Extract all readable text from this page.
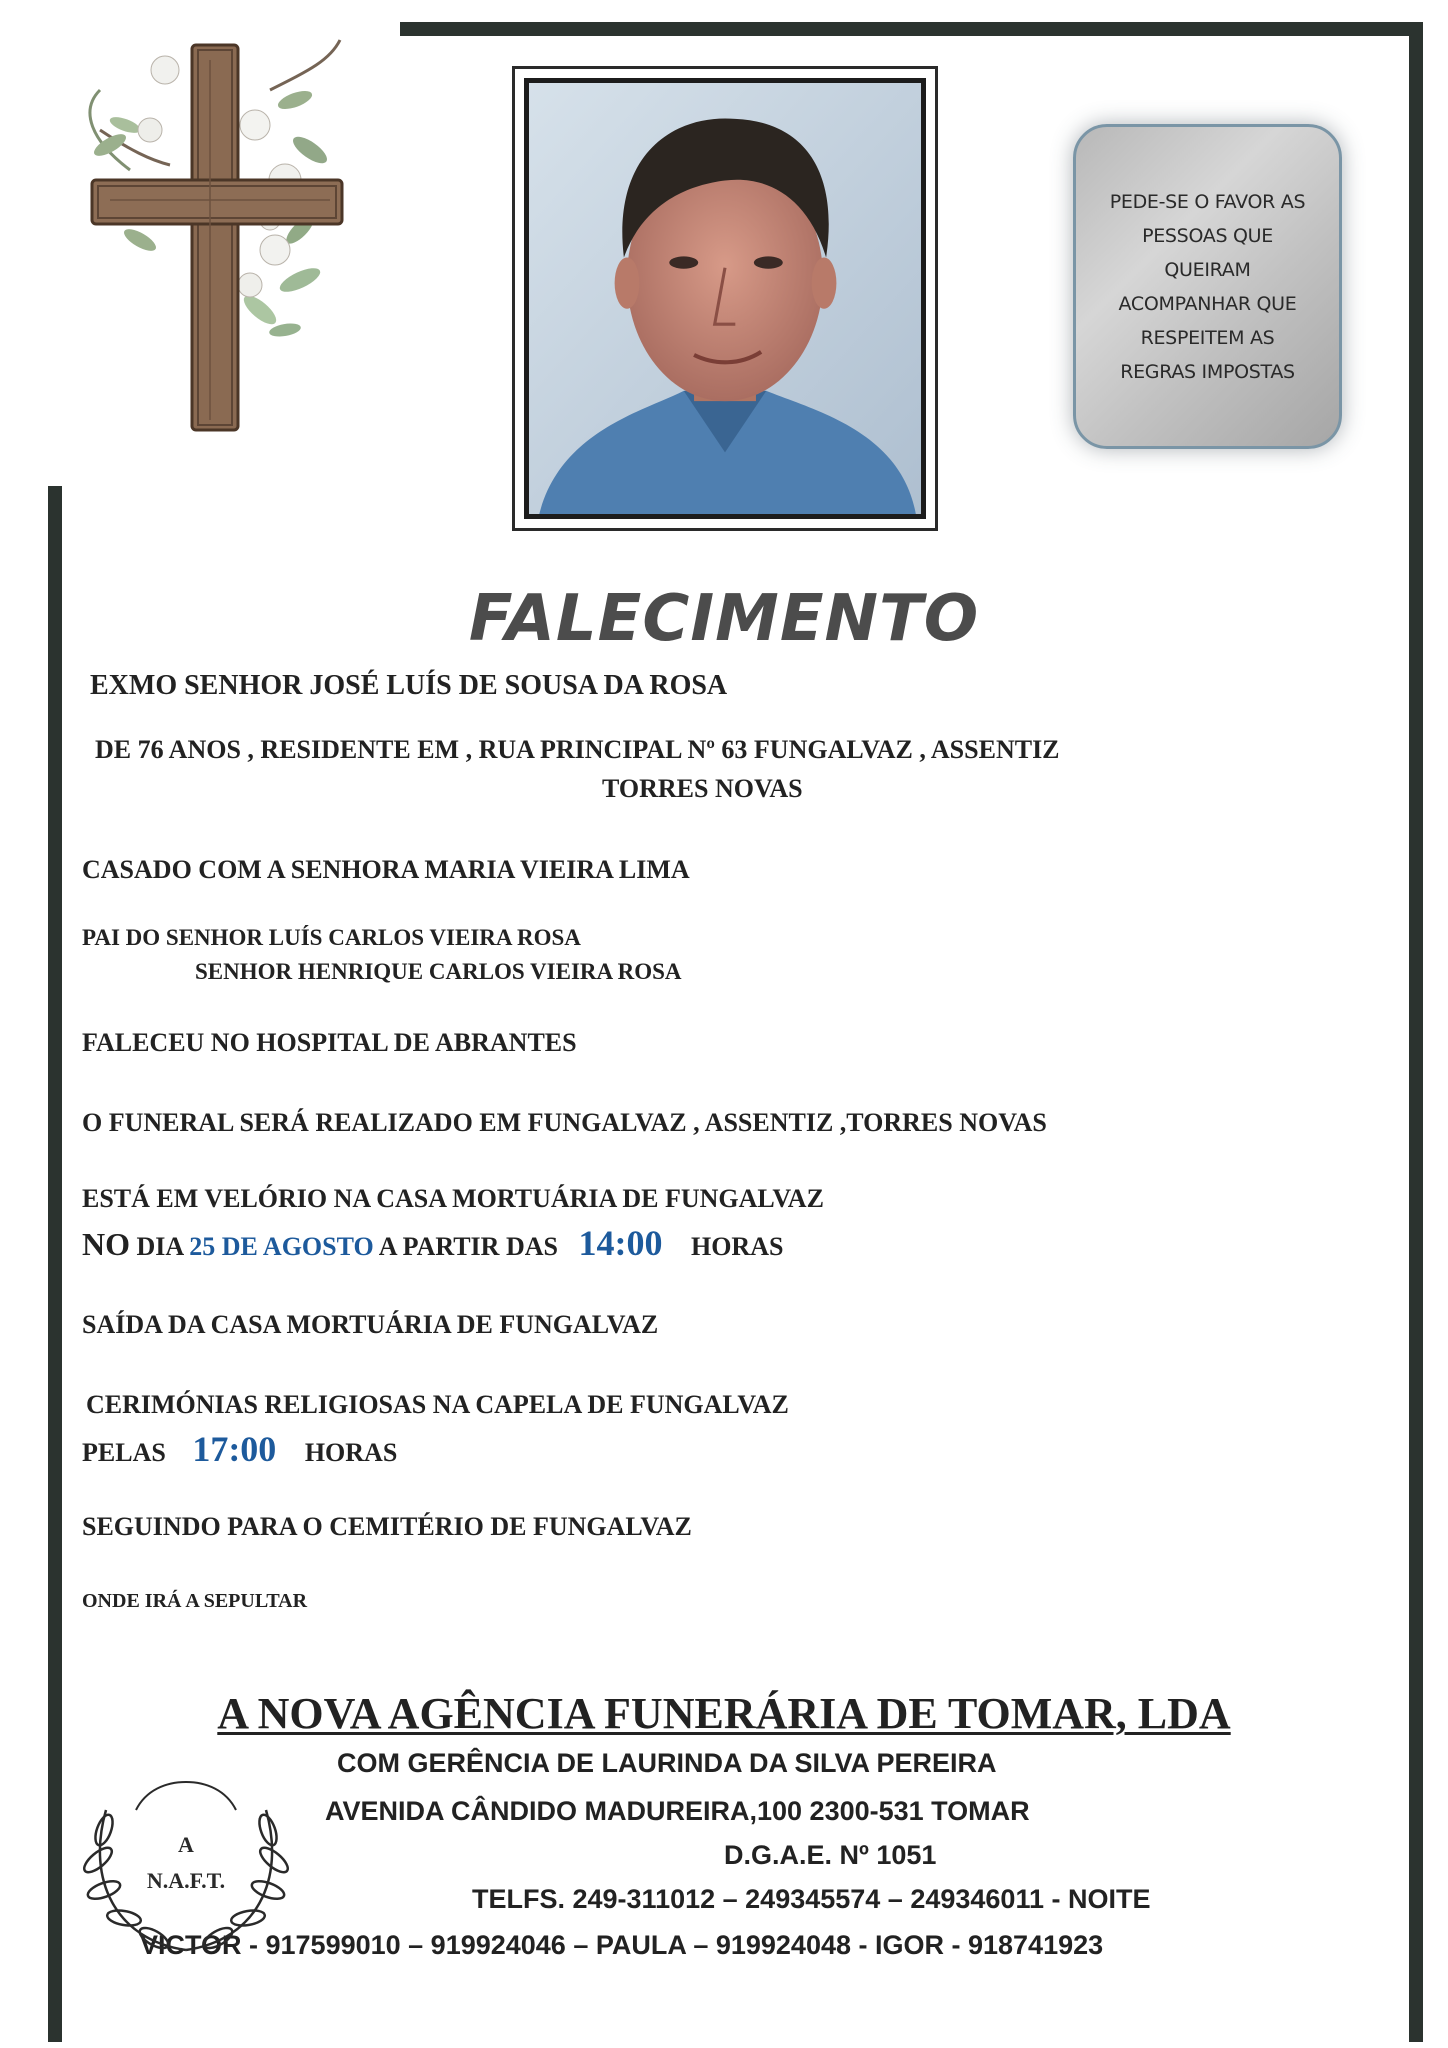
PEDE-SE O FAVOR AS
PESSOAS QUE
QUEIRAM
ACOMPANHAR QUE
RESPEITEM AS
REGRAS IMPOSTAS
FALECIMENTO
EXMO SENHOR JOSÉ LUÍS DE SOUSA DA ROSA
DE 76 ANOS , RESIDENTE EM , RUA PRINCIPAL Nº 63 FUNGALVAZ , ASSENTIZ
TORRES NOVAS
CASADO COM A SENHORA MARIA VIEIRA LIMA
PAI DO SENHOR LUÍS CARLOS VIEIRA ROSA
SENHOR HENRIQUE CARLOS VIEIRA ROSA
FALECEU NO HOSPITAL DE ABRANTES
O FUNERAL SERÁ REALIZADO EM FUNGALVAZ , ASSENTIZ ,TORRES NOVAS
ESTÁ EM VELÓRIO NA CASA MORTUÁRIA DE FUNGALVAZ
NO DIA 25 DE AGOSTO A PARTIR DAS 14:00 HORAS
SAÍDA DA CASA MORTUÁRIA DE FUNGALVAZ
CERIMÓNIAS RELIGIOSAS NA CAPELA DE FUNGALVAZ
PELAS 17:00 HORAS
SEGUINDO PARA O CEMITÉRIO DE FUNGALVAZ
ONDE IRÁ A SEPULTAR
A NOVA AGÊNCIA FUNERÁRIA DE TOMAR, LDA
COM GERÊNCIA DE LAURINDA DA SILVA PEREIRA
AVENIDA CÂNDIDO MADUREIRA,100 2300-531 TOMAR
D.G.A.E. Nº 1051
TELFS. 249-311012 – 249345574 – 249346011 - NOITE
VICTOR - 917599010 – 919924046 – PAULA – 919924048 - IGOR - 918741923
A
N.A.F.T.
